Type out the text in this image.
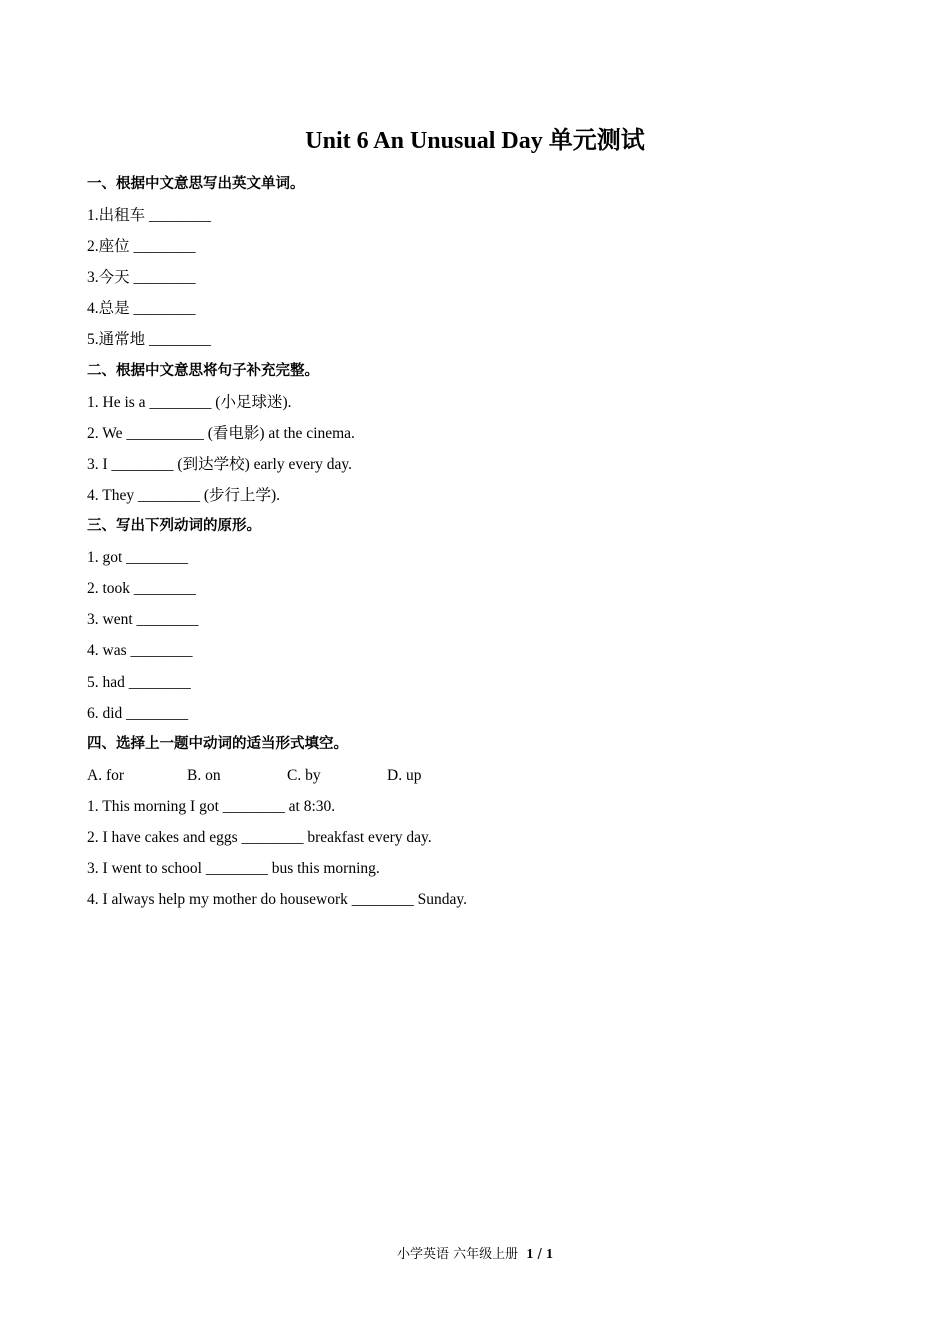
Unit 6 An Unusual Day 单元测试
一、根据中文意思写出英文单词。
1.出租车 ________
2.座位 ________
3.今天 ________
4.总是 ________
5.通常地 ________
二、根据中文意思将句子补充完整。
1. He is a ________ (小足球迷).
2. We __________ (看电影) at the cinema.
3. I ________ (到达学校) early every day.
4. They ________ (步行上学).
三、写出下列动词的原形。
1. got ________
2. took ________
3. went ________
4. was ________
5. had ________
6. did ________
四、选择上一题中动词的适当形式填空。
A. for	B. on	C. by	D. up
1. This morning I got ________ at 8:30.
2. I have cakes and eggs ________ breakfast every day.
3. I went to school ________ bus this morning.
4. I always help my mother do housework ________ Sunday.
小学英语 六年级上册 1 / 1
